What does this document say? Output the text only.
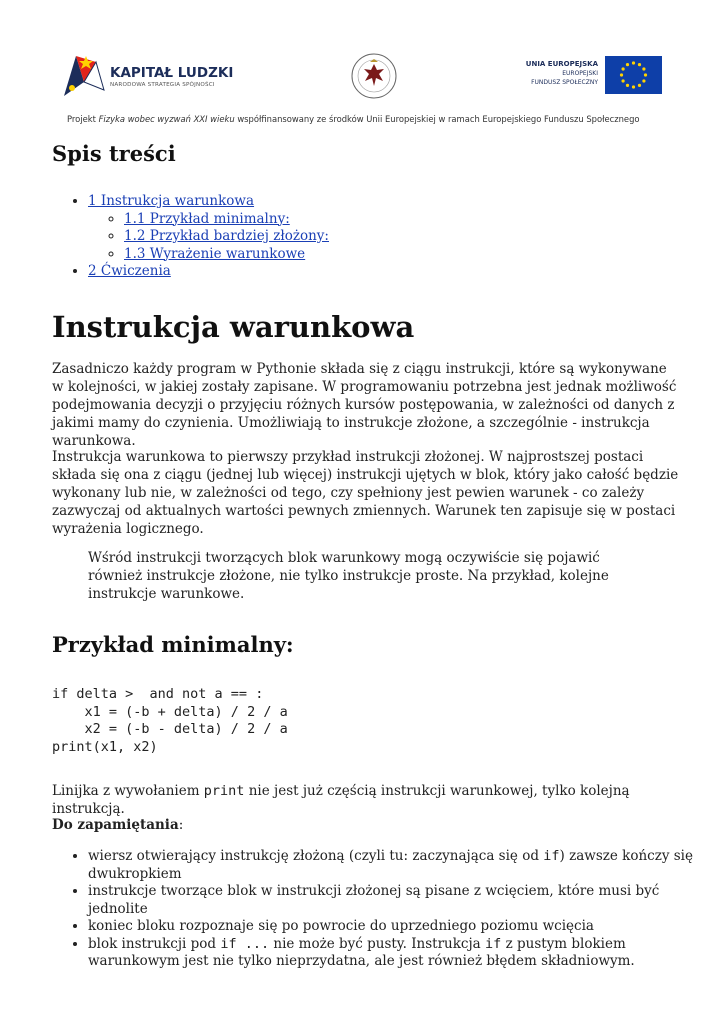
KAPITAŁ LUDZKI
NARODOWA STRATEGIA SPÓJNOŚCI
UNIA EUROPEJSKA
EUROPEJSKI
FUNDUSZ SPOŁECZNY
Projekt Fizyka wobec wyzwań XXI wieku współfinansowany ze środków Unii Europejskiej w ramach Europejskiego Funduszu Społecznego
Spis treści
• 1 Instrukcja warunkowa
◦ 1.1 Przykład minimalny:
◦ 1.2 Przykład bardziej złożony:
◦ 1.3 Wyrażenie warunkowe
• 2 Ćwiczenia
Instrukcja warunkowa

Zasadniczo każdy program w Pythonie składa się z ciągu instrukcji, które są wykonywane w kolejności, w jakiej zostały zapisane. W programowaniu potrzebna jest jednak możliwość podejmowania decyzji o przyjęciu różnych kursów postępowania, w zależności od danych z jakimi mamy do czynienia. Umożliwiają to instrukcje złożone, a szczególnie - instrukcja warunkowa.

Instrukcja warunkowa to pierwszy przykład instrukcji złożonej. W najprostszej postaci składa się ona z ciągu (jednej lub więcej) instrukcji ujętych w blok, który jako całość będzie wykonany lub nie, w zależności od tego, czy spełniony jest pewien warunek - co zależy zazwyczaj od aktualnych wartości pewnych zmiennych. Warunek ten zapisuje się w postaci wyrażenia logicznego.

Wśród instrukcji tworzących blok warunkowy mogą oczywiście się pojawić również instrukcje złożone, nie tylko instrukcje proste. Na przykład, kolejne instrukcje warunkowe.

Przykład minimalny:
if delta >  and not a == :
x1 = (-b + delta) / 2 / a
x2 = (-b - delta) / 2 / a
print(x1, x2)

Linijka z wywołaniem print nie jest już częścią instrukcji warunkowej, tylko kolejną instrukcją.

Do zapamiętania:

• wiersz otwierający instrukcję złożoną (czyli tu: zaczynająca się od if) zawsze kończy się dwukropkiem
• instrukcje tworzące blok w instrukcji złożonej są pisane z wcięciem, które musi być jednolite
• koniec bloku rozpoznaje się po powrocie do uprzedniego poziomu wcięcia
• blok instrukcji pod if ... nie może być pusty. Instrukcja if z pustym blokiem warunkowym jest nie tylko nieprzydatna, ale jest również błędem składniowym.
